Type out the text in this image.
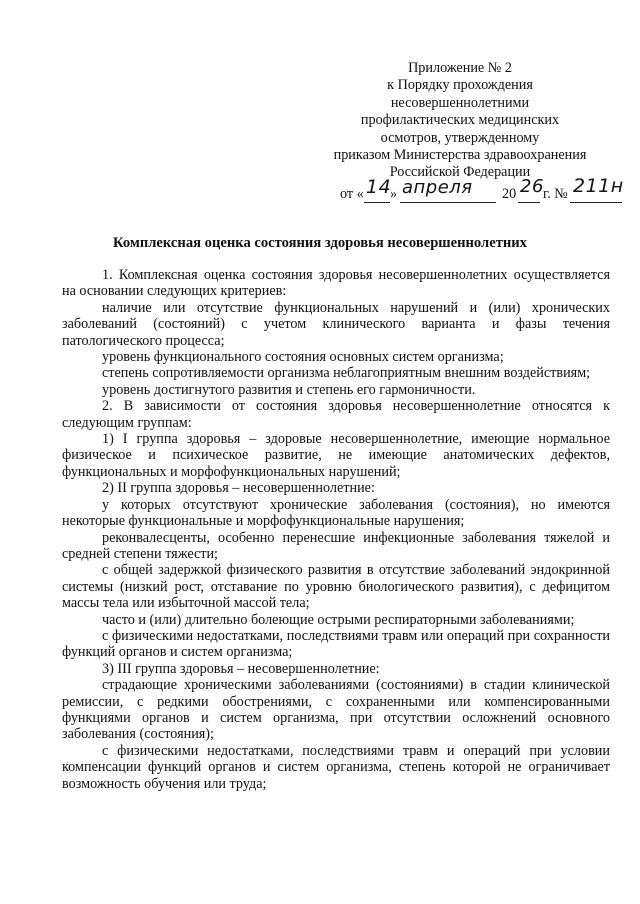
Приложение № 2
к Порядку прохождения
несовершеннолетними
профилактических медицинских
осмотров, утвержденному
приказом Министерства здравоохранения
Российской Федерации
от « 14
» апреля 20 26 г. № 211н
Комплексная оценка состояния здоровья несовершеннолетних

1. Комплексная оценка состояния здоровья несовершеннолетних осуществляется на основании следующих критериев:

наличие или отсутствие функциональных нарушений и (или) хронических заболеваний (состояний) с учетом клинического варианта и фазы течения патологического процесса;

уровень функционального состояния основных систем организма;

степень сопротивляемости организма неблагоприятным внешним воздействиям;

уровень достигнутого развития и степень его гармоничности.

2. В зависимости от состояния здоровья несовершеннолетние относятся к следующим группам:

1) I группа здоровья – здоровые несовершеннолетние, имеющие нормальное физическое и психическое развитие, не имеющие анатомических дефектов, функциональных и морфофункциональных нарушений;

2) II группа здоровья – несовершеннолетние:

у которых отсутствуют хронические заболевания (состояния), но имеются некоторые функциональные и морфофункциональные нарушения;

реконвалесценты, особенно перенесшие инфекционные заболевания тяжелой и средней степени тяжести;

с общей задержкой физического развития в отсутствие заболеваний эндокринной системы (низкий рост, отставание по уровню биологического развития), с дефицитом массы тела или избыточной массой тела;

часто и (или) длительно болеющие острыми респираторными заболеваниями;

с физическими недостатками, последствиями травм или операций при сохранности функций органов и систем организма;

3) III группа здоровья – несовершеннолетние:

страдающие хроническими заболеваниями (состояниями) в стадии клинической ремиссии, с редкими обострениями, с сохраненными или компенсированными функциями органов и систем организма, при отсутствии осложнений основного заболевания (состояния);

с физическими недостатками, последствиями травм и операций при условии компенсации функций органов и систем организма, степень которой не ограничивает возможность обучения или труда;
